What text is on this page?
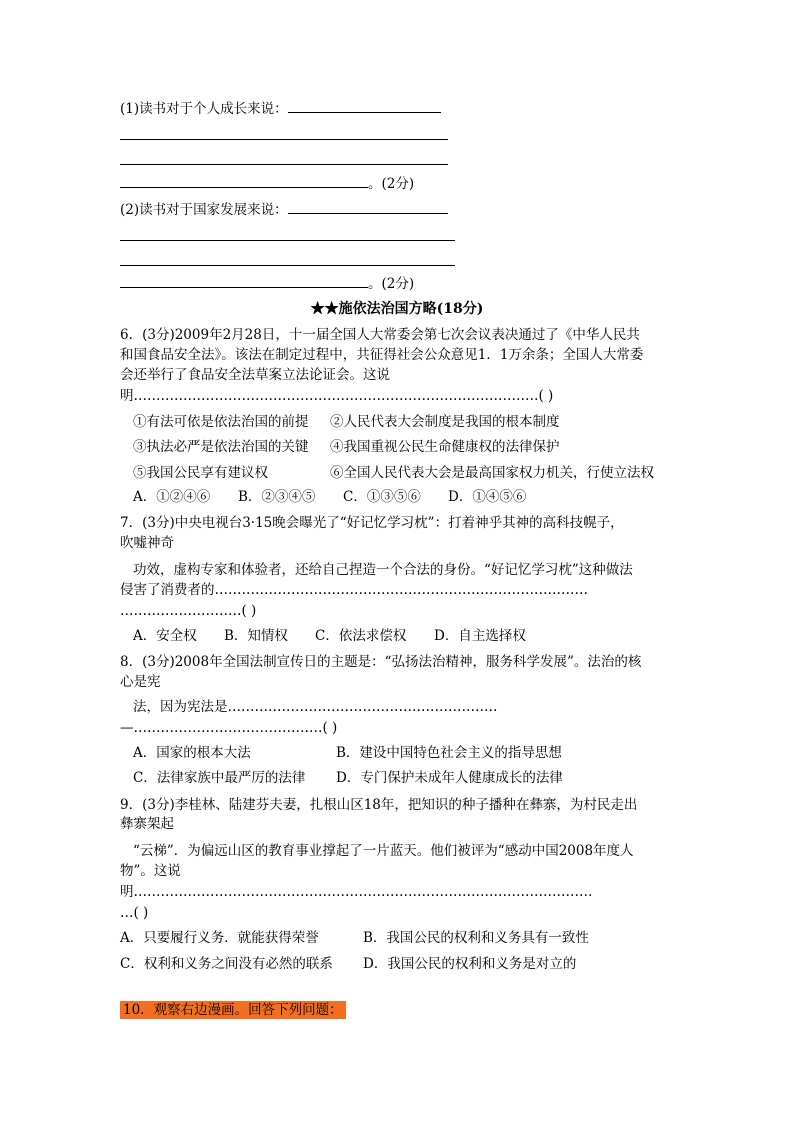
(1)读书对于个人成长来说：
。(2分)
(2)读书对于国家发展来说：
。(2分)
★★施依法治国方略(18分)
6．(3分)2009年2月28日，十一届全国人大常委会第七次会议表决通过了《中华人民共
和国食品安全法》。该法在制定过程中，共征得社会公众意见1．1万余条；全国人大常委
会还举行了食品安全法草案立法论证会。这说
明………………………………………………………………………………( )
①有法可依是依法治国的前提 ②人民代表大会制度是我国的根本制度
③执法必严是依法治国的关键 ④我国重视公民生命健康权的法律保护
⑤我国公民享有建议权	⑥全国人民代表大会是最高国家权力机关，行使立法权
A．①②④⑥ B．②③④⑤ C．①③⑤⑥ D．①④⑤⑥
7．(3分)中央电视台3·15晚会曝光了“好记忆学习枕”：打着神乎其神的高科技幌子，
吹嘘神奇
功效，虚构专家和体验者，还给自己捏造一个合法的身份。“好记忆学习枕”这种做法
侵害了消费者的………………………………………………………………………‥
………………………( )
A．安全权 B．知情权 C．依法求偿权 D．自主选择权
8．(3分)2008年全国法制宣传日的主题是：“弘扬法治精神，服务科学发展”。法治的核
心是宪
法，因为宪法是……………………………………………………
—……………………………………( )
A．国家的根本大法	B．建设中国特色社会主义的指导思想
C．法律家族中最严厉的法律 D．专门保护未成年人健康成长的法律
9．(3分)李桂林、陆建芬夫妻，扎根山区18年，把知识的种子播种在彝寨，为村民走出
彝寨架起
“云梯”．为偏远山区的教育事业撑起了一片蓝天。他们被评为“感动中国2008年度人
物”。这说
明…………………………………………………………………………………………
…( )
A．只要履行义务．就能获得荣誉	B．我国公民的权利和义务具有一致性
C．权利和义务之间没有必然的联系 D．我国公民的权利和义务是对立的
10．观察右边漫画。回答下列问题：
